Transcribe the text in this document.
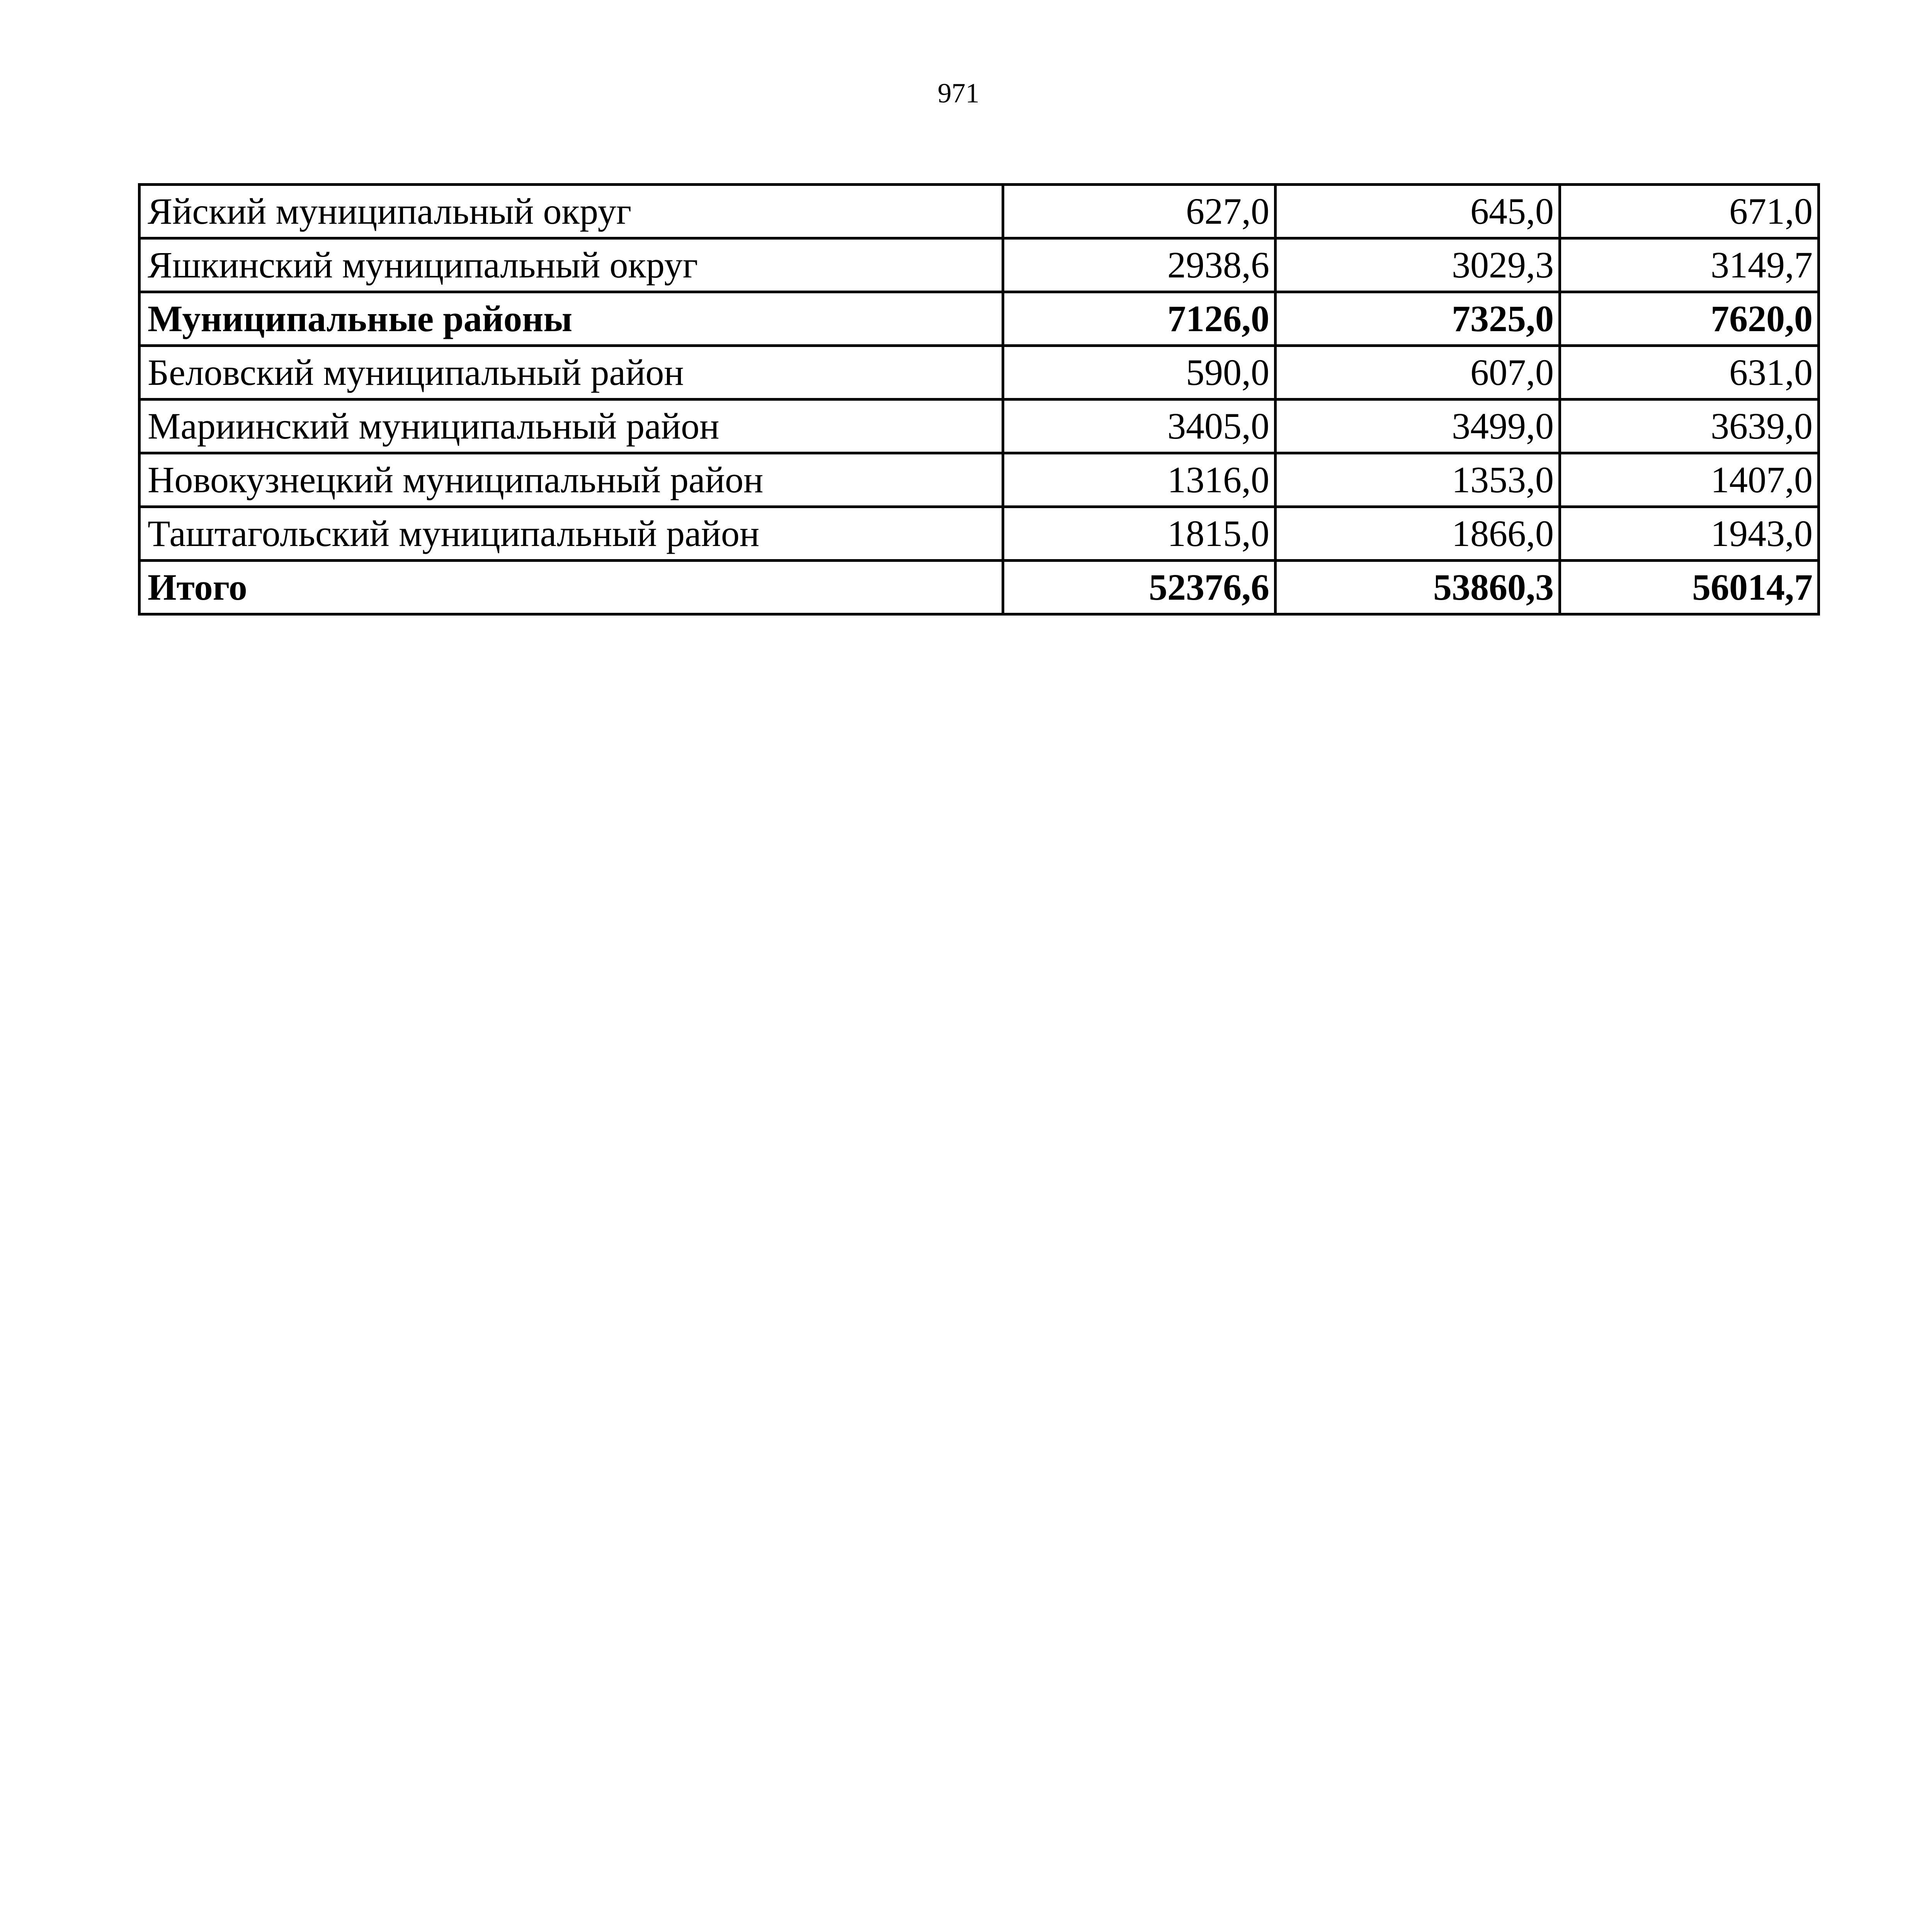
971
Яйский муниципальный округ	627,0	645,0	671,0
Яшкинский муниципальный округ	2938,6	3029,3	3149,7
Муниципальные районы	7126,0	7325,0	7620,0
Беловский муниципальный район	590,0	607,0	631,0
Мариинский муниципальный район	3405,0	3499,0	3639,0
Новокузнецкий муниципальный район	1316,0	1353,0	1407,0
Таштагольский муниципальный район	1815,0	1866,0	1943,0
Итого	52376,6	53860,3	56014,7
